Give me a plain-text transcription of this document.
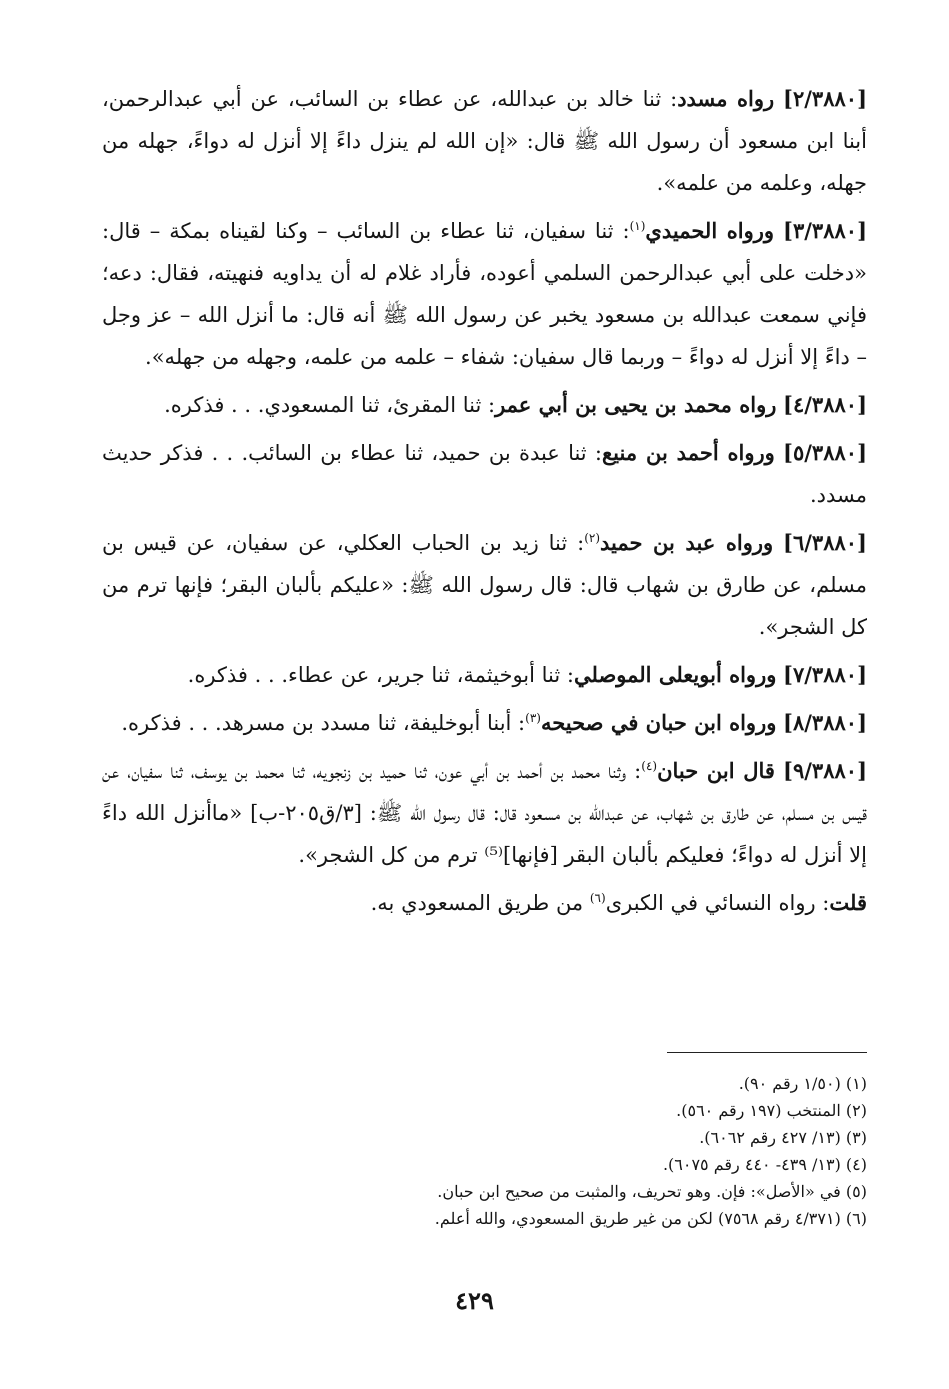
[٢/٣٨٨٠] رواه مسدد: ثنا خالد بن عبدالله، عن عطاء بن السائب، عن أبي عبدالرحمن، أبنا ابن مسعود أن رسول الله ﷺ قال: «إن الله لم ينزل داءً إلا أنزل له دواءً، جهله من جهله، وعلمه من علمه».

[٣/٣٨٨٠] ورواه الحميدي$^{(١)}$: ثنا سفيان، ثنا عطاء بن السائب – وكنا لقيناه بمكة – قال: «دخلت على أبي عبدالرحمن السلمي أعوده، فأراد غلام له أن يداويه فنهيته، فقال: دعه؛ فإني سمعت عبدالله بن مسعود يخبر عن رسول الله ﷺ أنه قال: ما أنزل الله – عز وجل – داءً إلا أنزل له دواءً – وربما قال سفيان: شفاء – علمه من علمه، وجهله من جهله».

[٤/٣٨٨٠] رواه محمد بن يحيى بن أبي عمر: ثنا المقرئ، ثنا المسعودي. . . فذكره.

[٥/٣٨٨٠] ورواه أحمد بن منيع: ثنا عبدة بن حميد، ثنا عطاء بن السائب. . . فذكر حديث مسدد.

[٦/٣٨٨٠] ورواه عبد بن حميد$^{(٢)}$: ثنا زيد بن الحباب العكلي، عن سفيان، عن قيس بن مسلم، عن طارق بن شهاب قال: قال رسول الله ﷺ: «عليكم بألبان البقر؛ فإنها ترم من كل الشجر».

[٧/٣٨٨٠] ورواه أبويعلى الموصلي: ثنا أبوخيثمة، ثنا جرير، عن عطاء. . . فذكره.

[٨/٣٨٨٠] ورواه ابن حبان في صحيحه$^{(٣)}$: أبنا أبوخليفة، ثنا مسدد بن مسرهد. . . فذكره.

[٩/٣٨٨٠] قال ابن حبان$^{(٤)}$: وثنا محمد بن أحمد بن أبي عون، ثنا حميد بن زنجويه، ثنا محمد بن يوسف، ثنا سفيان، عن قيس بن مسلم، عن طارق بن شهاب، عن عبدالله بن مسعود قال: قال رسول الله ﷺ: [٣/ق٢٠٥-ب] «ماأنزل الله داءً إلا أنزل له دواءً؛ فعليكم بألبان البقر [فإنها]⁽⁵⁾ ترم من كل الشجر».

قلت: رواه النسائي في الكبرى$^{(٦)}$ من طريق المسعودي به.

(١) (١/٥٠ رقم ٩٠).

(٢) المنتخب (١٩٧ رقم ٥٦٠).

(٣) (١٣/ ٤٢٧ رقم ٦٠٦٢).

(٤) (١٣/ ٤٣٩- ٤٤٠ رقم ٦٠٧٥).

(٥) في «الأصل»: فإن. وهو تحريف، والمثبت من صحيح ابن حبان.

(٦) (٤/٣٧١ رقم ٧٥٦٨) لكن من غير طريق المسعودي، والله أعلم.

٤٢٩
